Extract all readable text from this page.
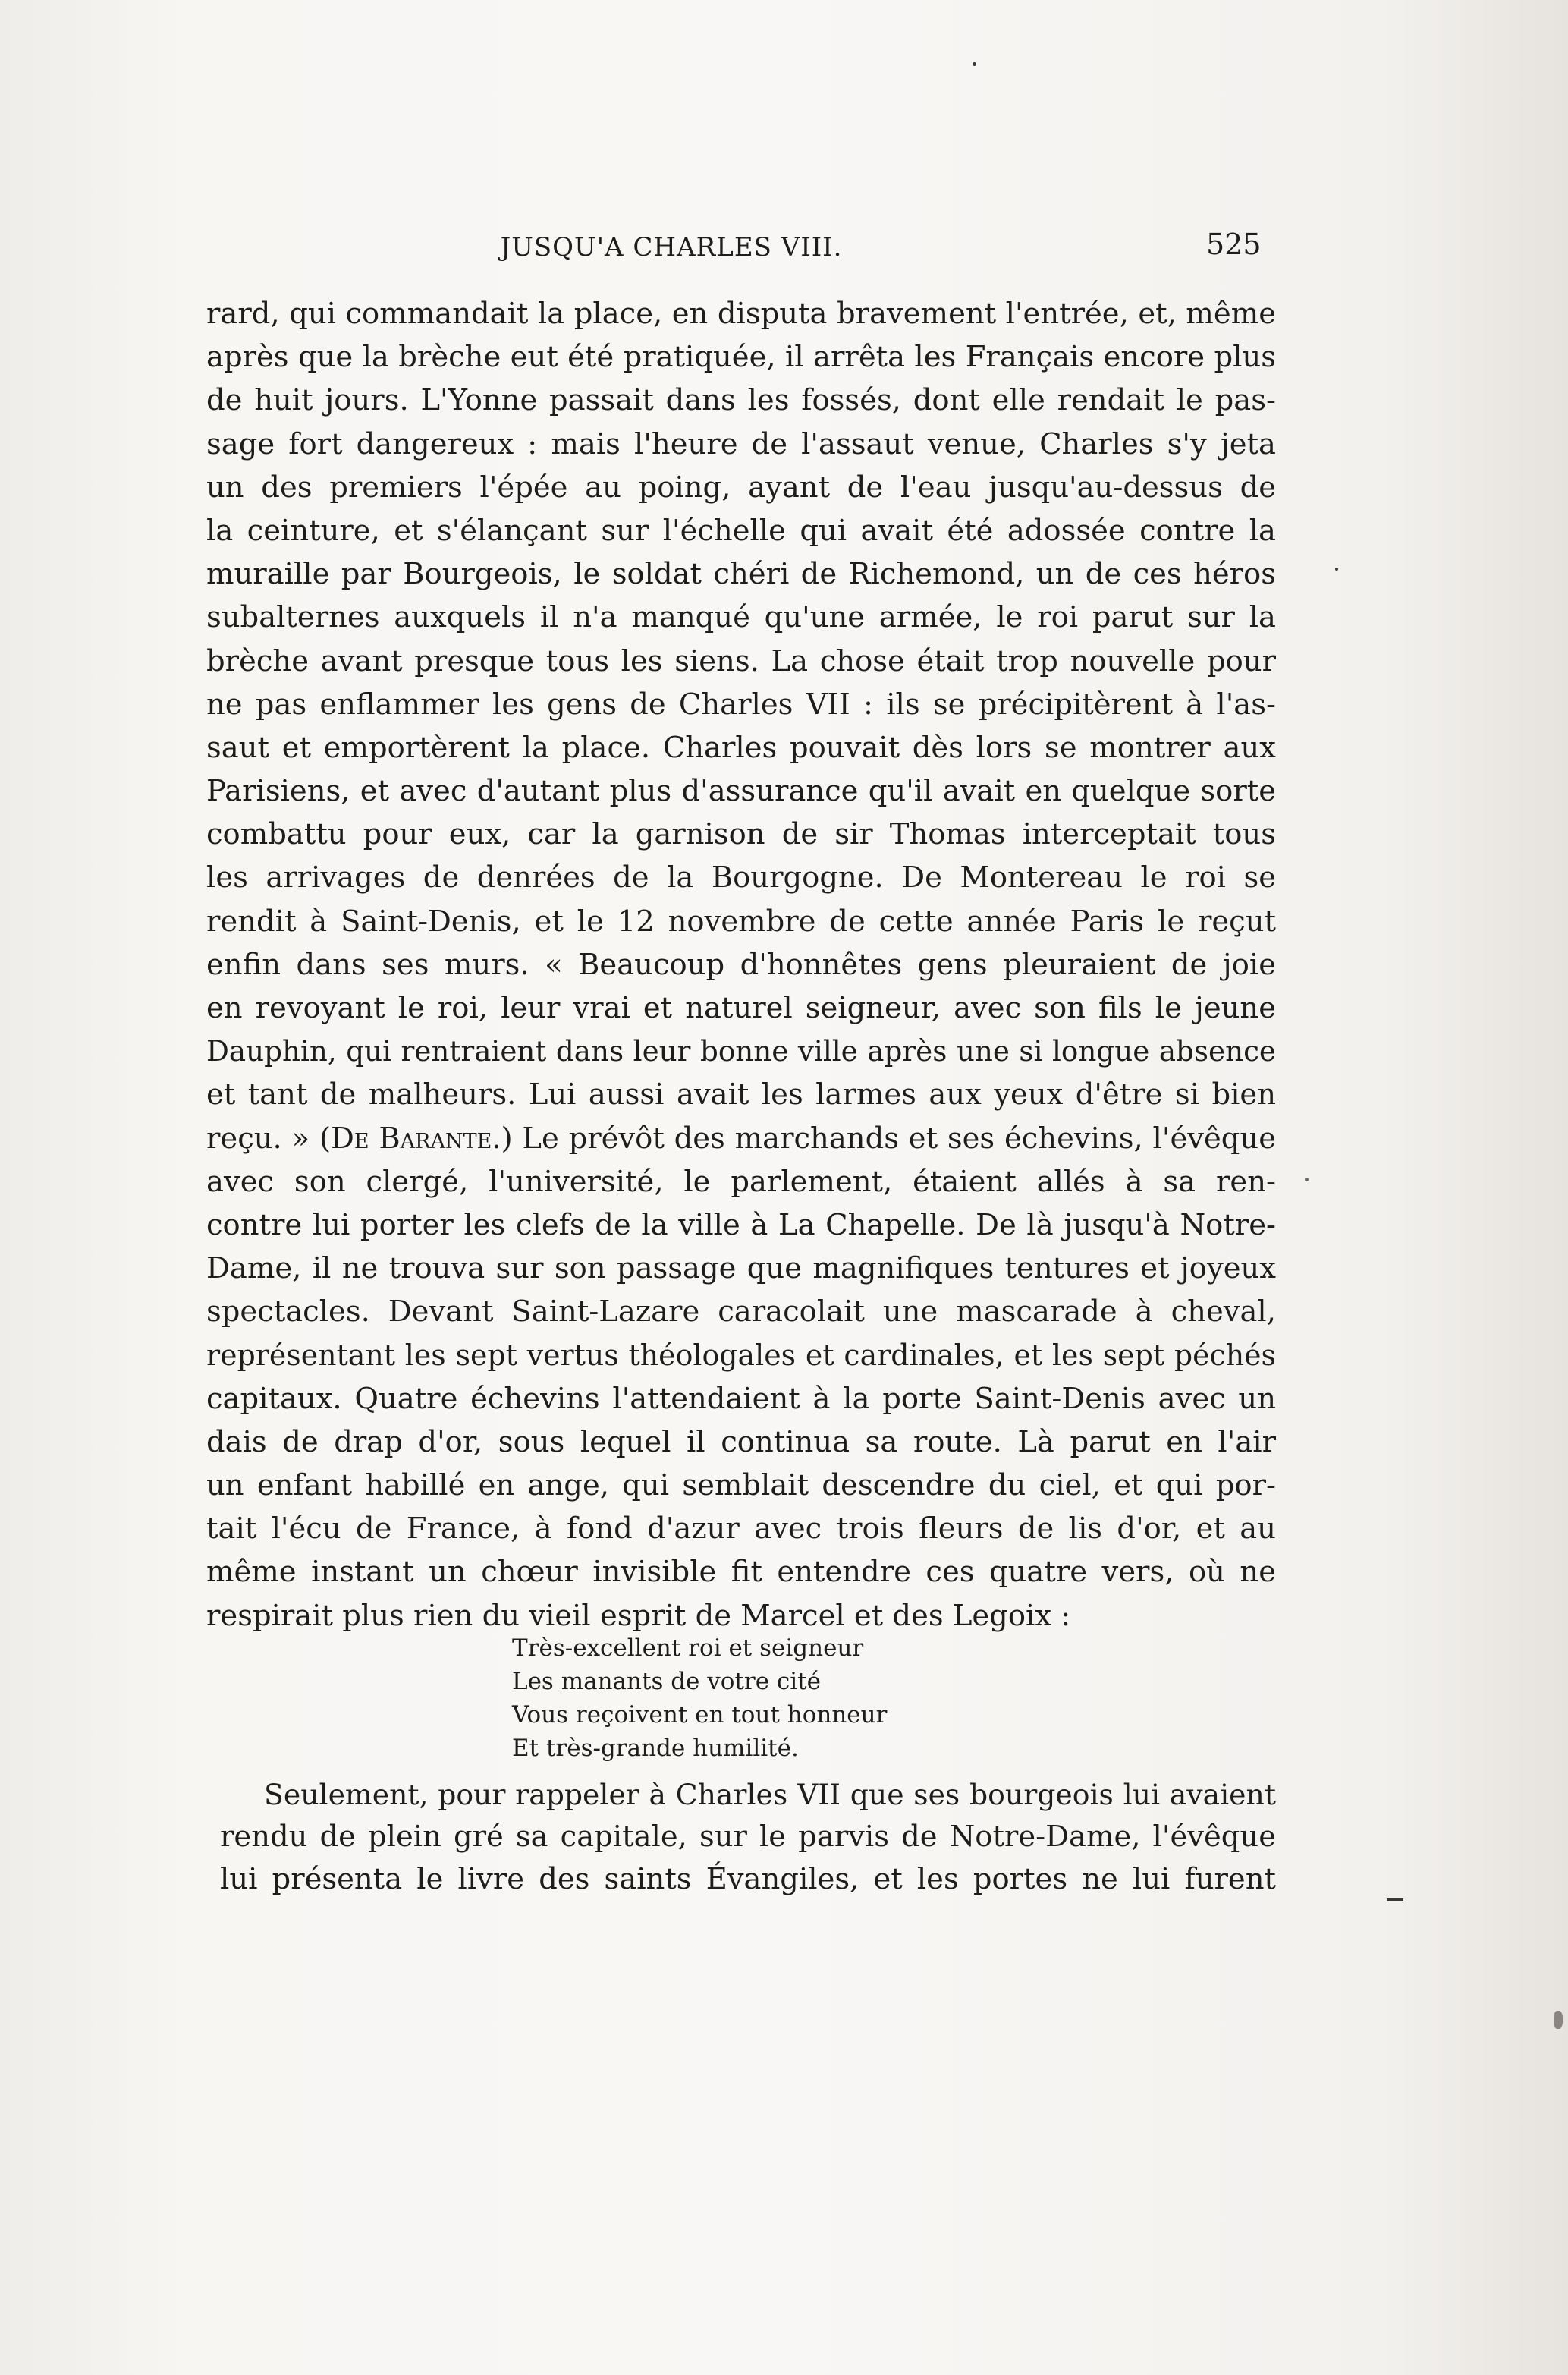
JUSQU'A CHARLES VIII.	525
rard, qui commandait la place, en disputa bravement l'entrée, et, même
après que la brèche eut été pratiquée, il arrêta les Français encore plus
de huit jours. L'Yonne passait dans les fossés, dont elle rendait le pas-
sage fort dangereux : mais l'heure de l'assaut venue, Charles s'y jeta
un des premiers l'épée au poing, ayant de l'eau jusqu'au-dessus de
la ceinture, et s'élançant sur l'échelle qui avait été adossée contre la
muraille par Bourgeois, le soldat chéri de Richemond, un de ces héros
subalternes auxquels il n'a manqué qu'une armée, le roi parut sur la
brèche avant presque tous les siens. La chose était trop nouvelle pour
ne pas enflammer les gens de Charles VII : ils se précipitèrent à l'as-
saut et emportèrent la place. Charles pouvait dès lors se montrer aux
Parisiens, et avec d'autant plus d'assurance qu'il avait en quelque sorte
combattu pour eux, car la garnison de sir Thomas interceptait tous
les arrivages de denrées de la Bourgogne. De Montereau le roi se
rendit à Saint-Denis, et le 12 novembre de cette année Paris le reçut
enfin dans ses murs. « Beaucoup d'honnêtes gens pleuraient de joie
en revoyant le roi, leur vrai et naturel seigneur, avec son fils le jeune
Dauphin, qui rentraient dans leur bonne ville après une si longue absence
et tant de malheurs. Lui aussi avait les larmes aux yeux d'être si bien
reçu. » (De Barante.) Le prévôt des marchands et ses échevins, l'évêque
avec son clergé, l'université, le parlement, étaient allés à sa ren-
contre lui porter les clefs de la ville à La Chapelle. De là jusqu'à Notre-
Dame, il ne trouva sur son passage que magnifiques tentures et joyeux
spectacles. Devant Saint-Lazare caracolait une mascarade à cheval,
représentant les sept vertus théologales et cardinales, et les sept péchés
capitaux. Quatre échevins l'attendaient à la porte Saint-Denis avec un
dais de drap d'or, sous lequel il continua sa route. Là parut en l'air
un enfant habillé en ange, qui semblait descendre du ciel, et qui por-
tait l'écu de France, à fond d'azur avec trois fleurs de lis d'or, et au
même instant un chœur invisible fit entendre ces quatre vers, où ne
respirait plus rien du vieil esprit de Marcel et des Legoix :
Très-excellent roi et seigneur
Les manants de votre cité
Vous reçoivent en tout honneur
Et très-grande humilité.
Seulement, pour rappeler à Charles VII que ses bourgeois lui avaient
rendu de plein gré sa capitale, sur le parvis de Notre-Dame, l'évêque
lui présenta le livre des saints Évangiles, et les portes ne lui furent
